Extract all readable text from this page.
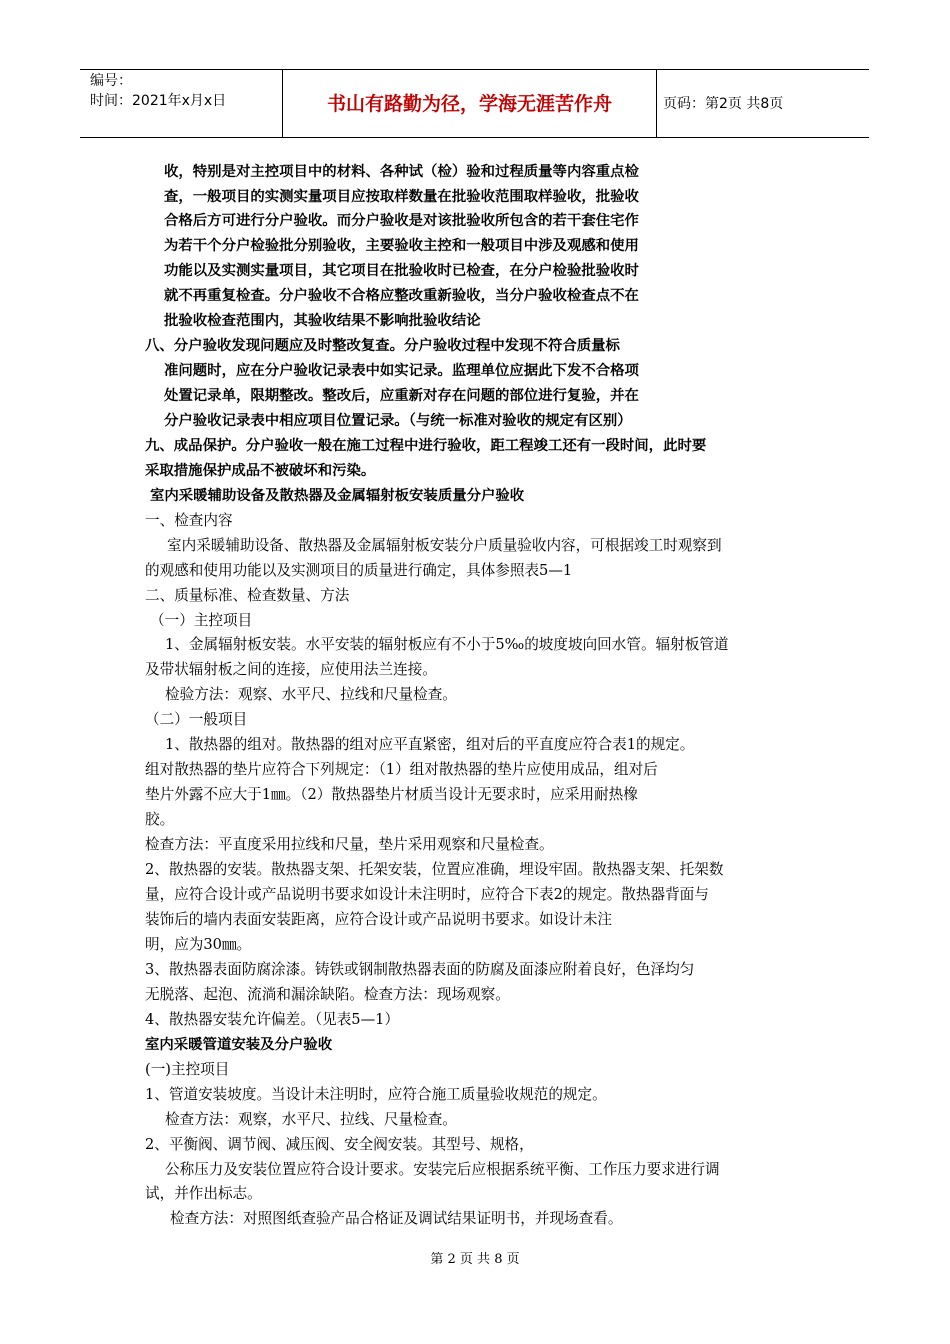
编号：
时间：2021年x月x日	书山有路勤为径，学海无涯苦作舟	页码：第2页 共8页
收，特别是对主控项目中的材料、各种试（检）验和过程质量等内容重点检
查，一般项目的实测实量项目应按取样数量在批验收范围取样验收，批验收
合格后方可进行分户验收。而分户验收是对该批验收所包含的若干套住宅作
为若干个分户检验批分别验收，主要验收主控和一般项目中涉及观感和使用
功能以及实测实量项目，其它项目在批验收时已检查，在分户检验批验收时
就不再重复检查。分户验收不合格应整改重新验收，当分户验收检查点不在
批验收检查范围内，其验收结果不影响批验收结论
八、分户验收发现问题应及时整改复查。分户验收过程中发现不符合质量标
准问题时，应在分户验收记录表中如实记录。监理单位应据此下发不合格项
处置记录单，限期整改。整改后，应重新对存在问题的部位进行复验，并在
分户验收记录表中相应项目位置记录。（与统一标准对验收的规定有区别）
九、成品保护。分户验收一般在施工过程中进行验收，距工程竣工还有一段时间，此时要
采取措施保护成品不被破坏和污染。
室内采暖辅助设备及散热器及金属辐射板安装质量分户验收
一、检查内容
室内采暖辅助设备、散热器及金属辐射板安装分户质量验收内容，可根据竣工时观察到
的观感和使用功能以及实测项目的质量进行确定，具体参照表5—1
二、质量标准、检查数量、方法
（一）主控项目
1、金属辐射板安装。水平安装的辐射板应有不小于5‰的坡度坡向回水管。辐射板管道
及带状辐射板之间的连接，应使用法兰连接。
检验方法：观察、水平尺、拉线和尺量检查。
（二）一般项目
1、散热器的组对。散热器的组对应平直紧密，组对后的平直度应符合表1的规定。
组对散热器的垫片应符合下列规定：（1）组对散热器的垫片应使用成品，组对后
垫片外露不应大于1㎜。（2）散热器垫片材质当设计无要求时，应采用耐热橡
胶。
检查方法：平直度采用拉线和尺量，垫片采用观察和尺量检查。
2、散热器的安装。散热器支架、托架安装，位置应准确，埋设牢固。散热器支架、托架数
量，应符合设计或产品说明书要求如设计未注明时，应符合下表2的规定。散热器背面与
装饰后的墙内表面安装距离，应符合设计或产品说明书要求。如设计未注
明，应为30㎜。
3、散热器表面防腐涂漆。铸铁或钢制散热器表面的防腐及面漆应附着良好，色泽均匀
无脱落、起泡、流淌和漏涂缺陷。检查方法：现场观察。
4、散热器安装允许偏差。（见表5—1）
室内采暖管道安装及分户验收
(一)主控项目
1、管道安装坡度。当设计未注明时，应符合施工质量验收规范的规定。
检查方法：观察，水平尺、拉线、尺量检查。
2、平衡阀、调节阀、减压阀、安全阀安装。其型号、规格，
公称压力及安装位置应符合设计要求。安装完后应根据系统平衡、工作压力要求进行调
试，并作出标志。
检查方法：对照图纸查验产品合格证及调试结果证明书，并现场查看。
第 2 页 共 8 页
